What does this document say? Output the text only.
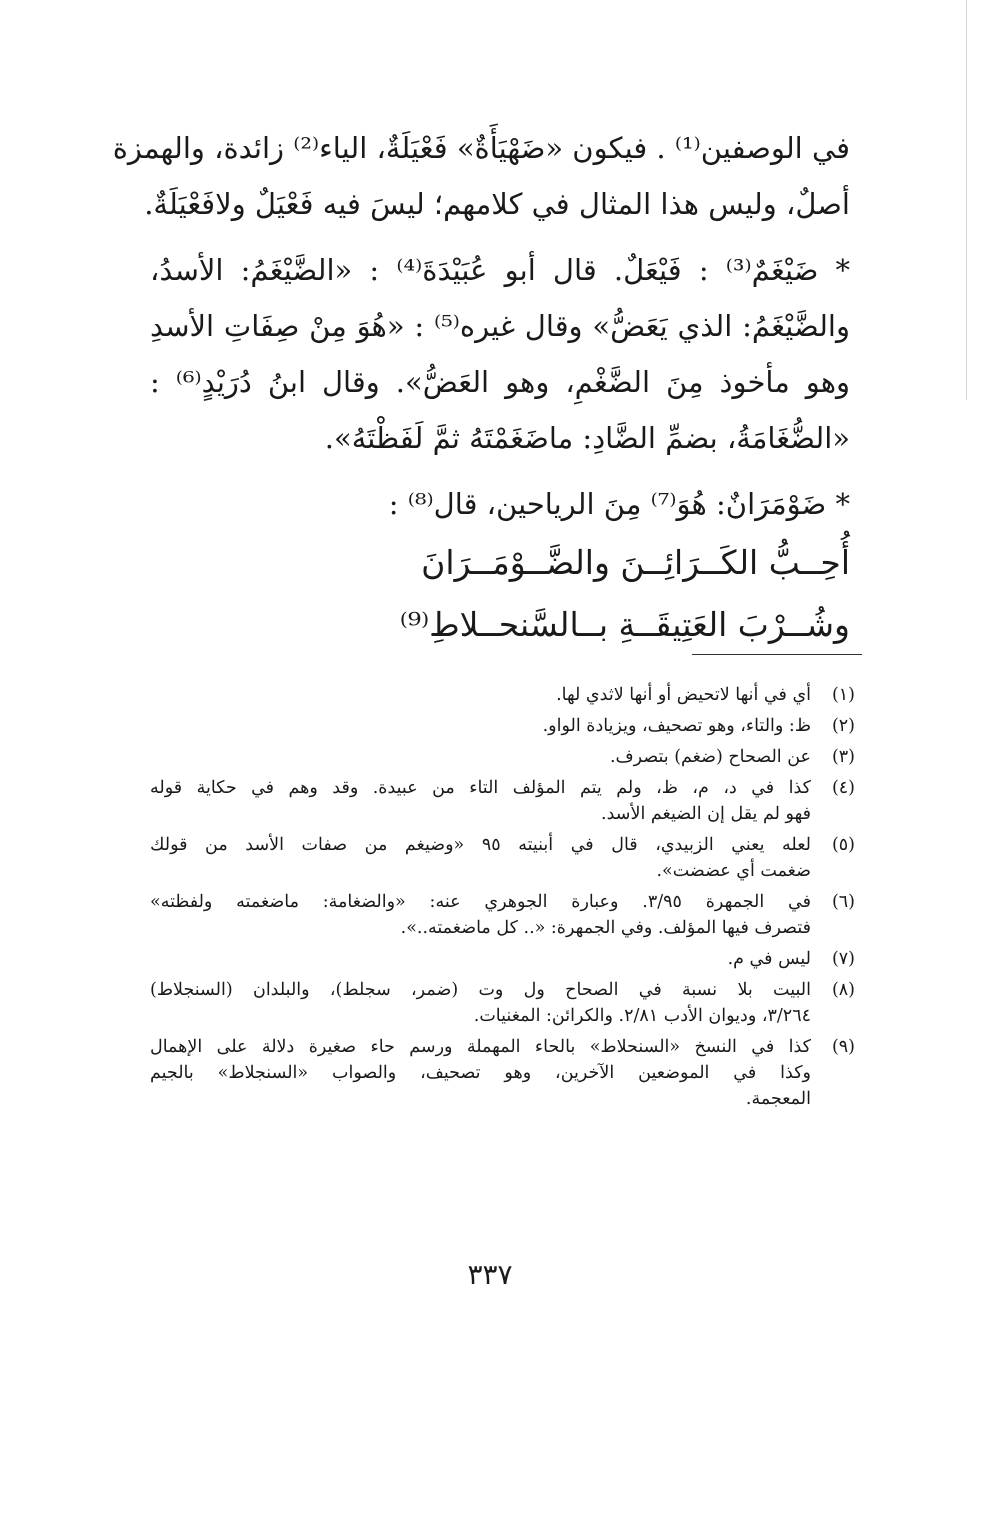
في الوصفين⁽¹⁾ . فيكون «ضَهْيَأَةٌ» فَعْيَلَةٌ، الياء⁽²⁾ زائدة، والهمزة
أصلٌ، وليس هذا المثال في كلامهم؛ ليسَ فيه فَعْيَلٌ ولافَعْيَلَةٌ.
* ضَيْغَمٌ⁽³⁾ : فَيْعَلٌ. قال أبو عُبَيْدَةَ⁽⁴⁾ : «الضَّيْغَمُ: الأسدُ،
والضَّيْغَمُ: الذي يَعَضُّ» وقال غيره⁽⁵⁾ : «هُوَ مِنْ صِفَاتِ الأسدِ
وهو مأخوذ مِنَ الضَّغْمِ، وهو العَضُّ». وقال ابنُ دُرَيْدٍ⁽⁶⁾ :
«الضُّغَامَةُ، بضمِّ الضَّادِ: ماضَغَمْتَهُ ثمَّ لَفَظْتَهُ».
* ضَوْمَرَانٌ: هُوَ⁽⁷⁾ مِنَ الرياحين، قال⁽⁸⁾ :
أُحِــبُّ الكَــرَائِــنَ والضَّــوْمَــرَانَ
وشُــرْبَ العَتِيقَــةِ بــالسَّنحــلاطِ⁽⁹⁾
(١)
أي في أنها لاتحيض أو أنها لاثدي لها.
(٢)
ظ: والتاء، وهو تصحيف، ويزيادة الواو.
(٣)
عن الصحاح (ضغم) بتصرف.
(٤)
كذا في د، م، ظ، ولم يتم المؤلف التاء من عبيدة. وقد وهم في حكاية قوله
فهو لم يقل إن الضيغم الأسد.
(٥)
لعله يعني الزبيدي، قال في أبنيته ٩٥ «وضيغم من صفات الأسد من قولك
ضغمت أي عضضت».
(٦)
في الجمهرة ٣/٩٥. وعبارة الجوهري عنه: «والضغامة: ماضغمته ولفظته»
فتصرف فيها المؤلف. وفي الجمهرة: «.. كل ماضغمته..».
(٧)
ليس في م.
(٨)
البيت بلا نسبة في الصحاح ول وت (ضمر، سجلط)، والبلدان (السنجلاط)
٣/٢٦٤، وديوان الأدب ٢/٨١. والكرائن: المغنيات.
(٩)
كذا في النسخ «السنحلاط» بالحاء المهملة ورسم حاء صغيرة دلالة على الإهمال
وكذا في الموضعين الآخرين، وهو تصحيف، والصواب «السنجلاط» بالجيم
المعجمة.
٣٣٧
